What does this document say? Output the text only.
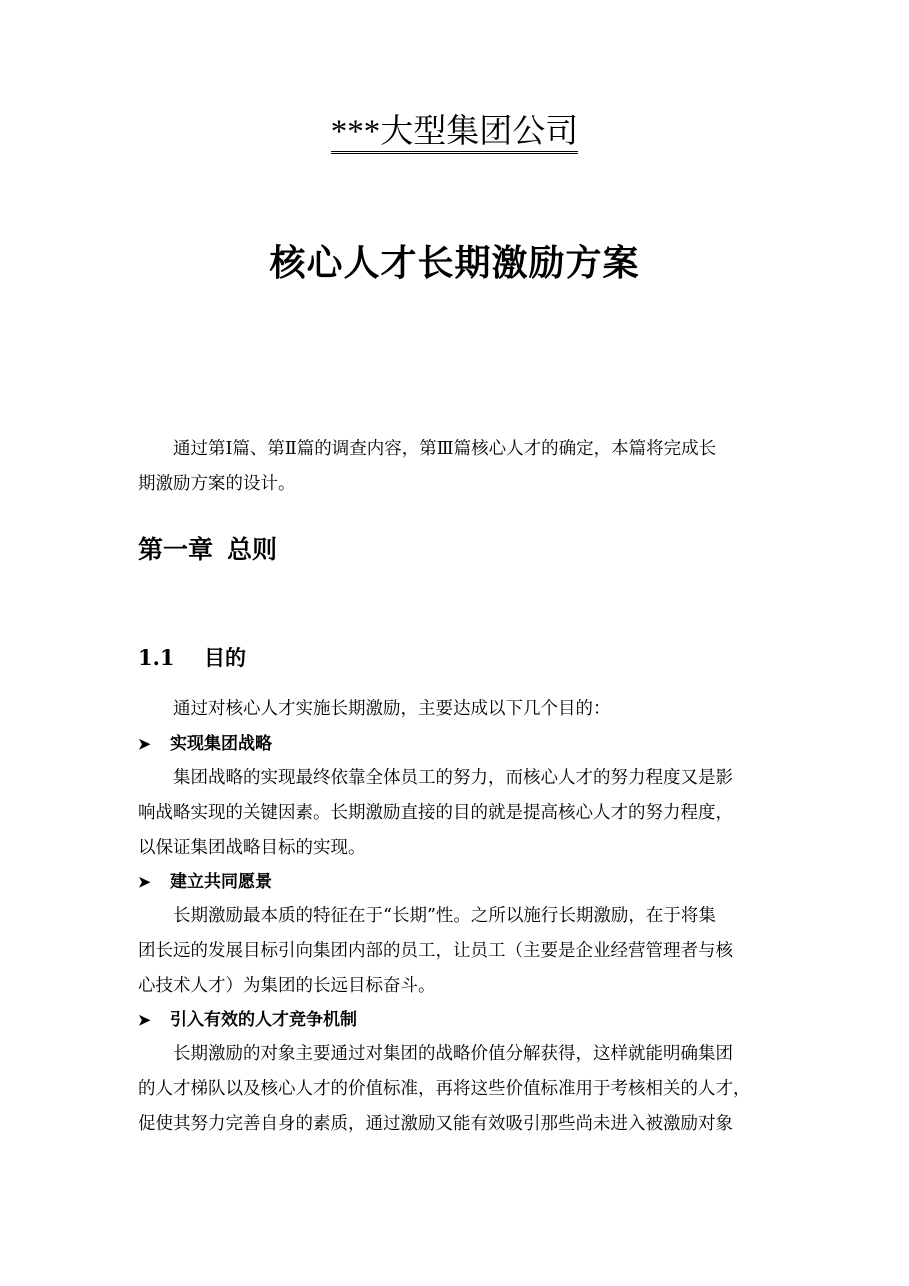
***大型集团公司
核心人才长期激励方案

通过第Ⅰ篇、第Ⅱ篇的调查内容，第Ⅲ篇核心人才的确定，本篇将完成长

期激励方案的设计。

第一章 总则
1.1 目的

通过对核心人才实施长期激励，主要达成以下几个目的：

➤ 实现集团战略

集团战略的实现最终依靠全体员工的努力，而核心人才的努力程度又是影

响战略实现的关键因素。长期激励直接的目的就是提高核心人才的努力程度，

以保证集团战略目标的实现。

➤ 建立共同愿景

长期激励最本质的特征在于“长期”性。之所以施行长期激励，在于将集

团长远的发展目标引向集团内部的员工，让员工（主要是企业经营管理者与核

心技术人才）为集团的长远目标奋斗。

➤ 引入有效的人才竞争机制

长期激励的对象主要通过对集团的战略价值分解获得，这样就能明确集团

的人才梯队以及核心人才的价值标准，再将这些价值标准用于考核相关的人才，

促使其努力完善自身的素质，通过激励又能有效吸引那些尚未进入被激励对象
